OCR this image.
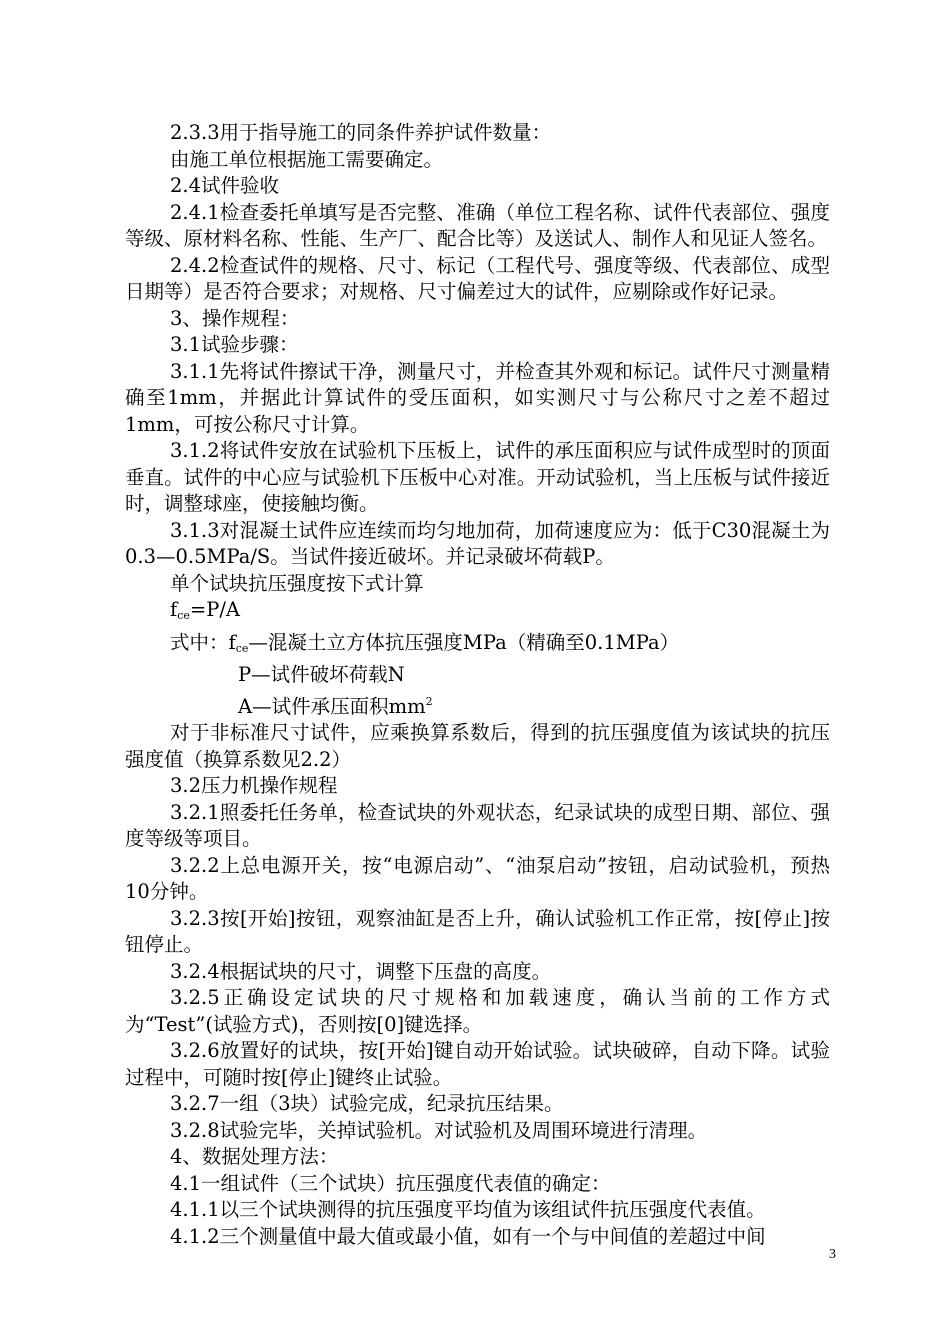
2.3.3用于指导施工的同条件养护试件数量：

由施工单位根据施工需要确定。

2.4试件验收

2.4.1检查委托单填写是否完整、准确（单位工程名称、试件代表部位、强度等级、原材料名称、性能、生产厂、配合比等）及送试人、制作人和见证人签名。

2.4.2检查试件的规格、尺寸、标记（工程代号、强度等级、代表部位、成型日期等）是否符合要求；对规格、尺寸偏差过大的试件，应剔除或作好记录。

3、操作规程：

3.1试验步骤：

3.1.1先将试件擦试干净，测量尺寸，并检查其外观和标记。试件尺寸测量精确至1mm，并据此计算试件的受压面积，如实测尺寸与公称尺寸之差不超过1mm，可按公称尺寸计算。

3.1.2将试件安放在试验机下压板上，试件的承压面积应与试件成型时的顶面垂直。试件的中心应与试验机下压板中心对准。开动试验机，当上压板与试件接近时，调整球座，使接触均衡。

3.1.3对混凝土试件应连续而均匀地加荷，加荷速度应为：低于C30混凝土为0.3—0.5MPa/S。当试件接近破坏。并记录破坏荷载P。

单个试块抗压强度按下式计算

$f_{ce}=P/A$

式中：$f_{ce}—$混凝土立方体抗压强度MPa（精确至0.1MPa）

P—试件破坏荷载N

A—试件承压面积$mm^2$

对于非标准尺寸试件，应乘换算系数后，得到的抗压强度值为该试块的抗压强度值（换算系数见2.2）

3.2压力机操作规程

3.2.1照委托任务单，检查试块的外观状态，纪录试块的成型日期、部位、强度等级等项目。

3.2.2上总电源开关，按“电源启动”、“油泵启动”按钮，启动试验机，预热10分钟。

3.2.3按[开始]按钮，观察油缸是否上升，确认试验机工作正常，按[停止]按钮停止。

3.2.4根据试块的尺寸，调整下压盘的高度。

3.2.5正确设定试块的尺寸规格和加载速度，确认当前的工作方式为“Test”(试验方式)，否则按[0]键选择。

3.2.6放置好的试块，按[开始]键自动开始试验。试块破碎，自动下降。试验过程中，可随时按[停止]键终止试验。

3.2.7一组（3块）试验完成，纪录抗压结果。

3.2.8试验完毕，关掉试验机。对试验机及周围环境进行清理。

4、数据处理方法：

4.1一组试件（三个试块）抗压强度代表值的确定：

4.1.1以三个试块测得的抗压强度平均值为该组试件抗压强度代表值。

4.1.2三个测量值中最大值或最小值，如有一个与中间值的差超过中间

3
